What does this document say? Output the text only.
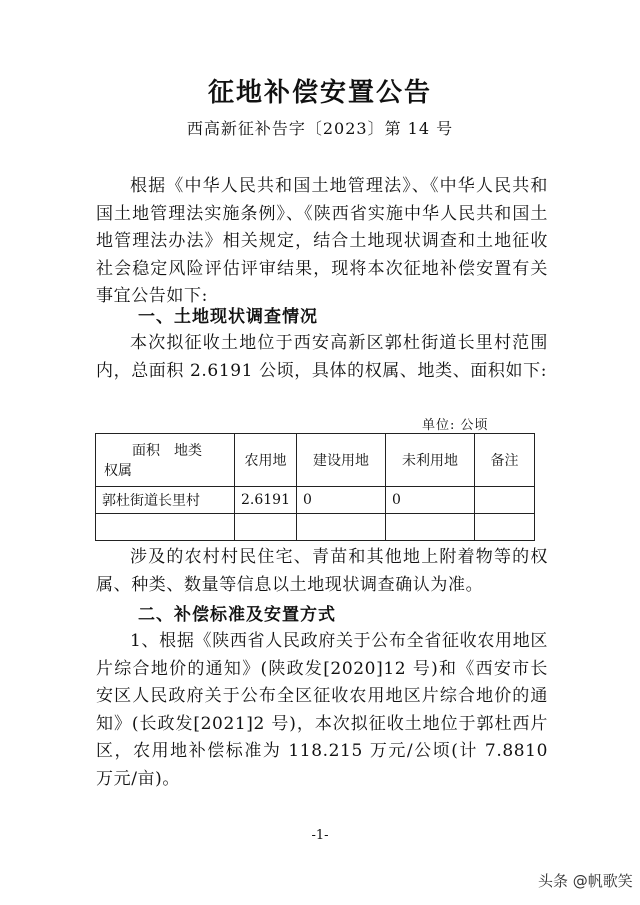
征地补偿安置公告
西高新征补告字〔2023〕第 14 号
根据《中华人民共和国土地管理法》、《中华人民共和国土地管理法实施条例》、《陕西省实施中华人民共和国土地管理法办法》相关规定，结合土地现状调查和土地征收社会稳定风险评估评审结果，现将本次征地补偿安置有关事宜公告如下:
一、土地现状调查情况
本次拟征收土地位于西安高新区郭杜街道长里村范围内，总面积 2.6191 公顷，具体的权属、地类、面积如下:
单位: 公顷
面积　地类
权属	农用地	建设用地	未利用地	备注
郭杜街道长里村	2.6191	0	0	

涉及的农村村民住宅、青苗和其他地上附着物等的权属、种类、数量等信息以土地现状调查确认为准。
二、补偿标准及安置方式
1、根据《陕西省人民政府关于公布全省征收农用地区片综合地价的通知》(陕政发[2020]12 号)和《西安市长安区人民政府关于公布全区征收农用地区片综合地价的通知》(长政发[2021]2 号)，本次拟征收土地位于郭杜西片区，农用地补偿标准为 118.215 万元/公顷(计 7.8810 万元/亩)。
-1-
头条 @帆歌笑
